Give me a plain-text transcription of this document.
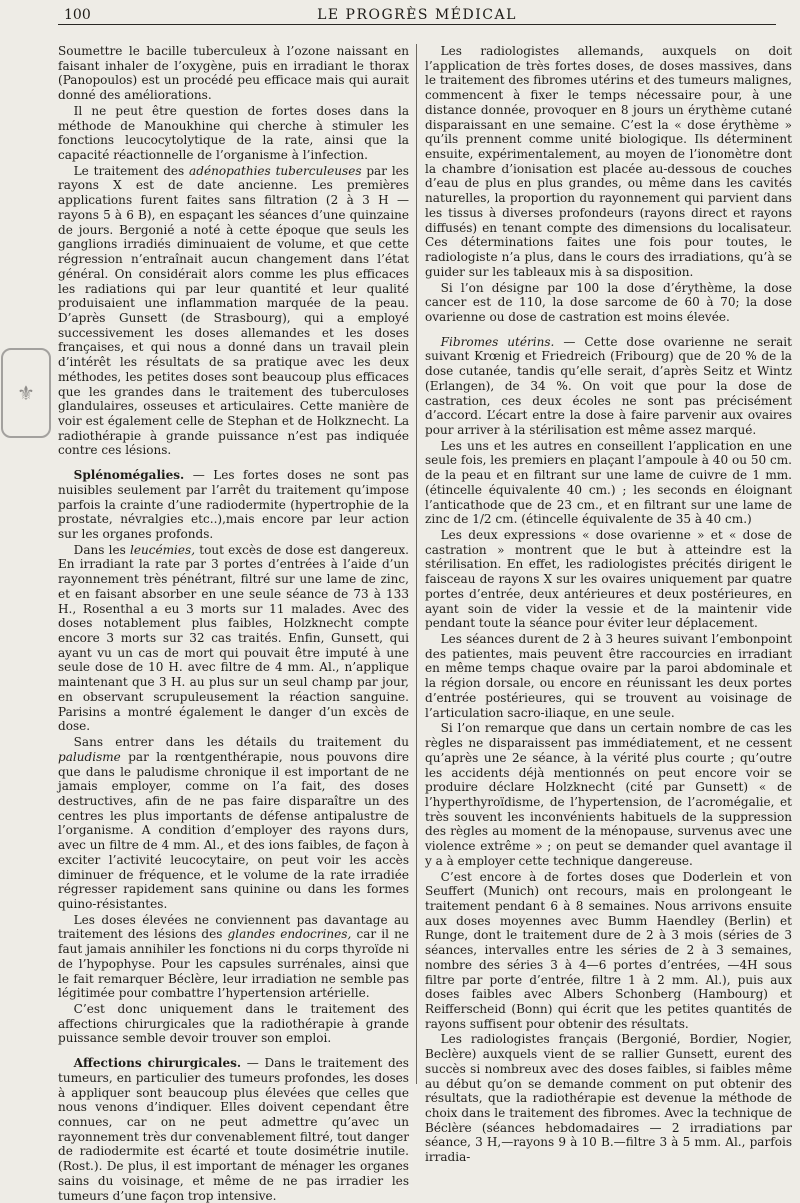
100	LE PROGRÈS MÉDICAL
⚜

Soumettre le bacille tuberculeux à l’ozone naissant en faisant inhaler de l’oxygène, puis en irradiant le thorax (Panopoulos) est un procédé peu efficace mais qui aurait donné des améliorations.

Il ne peut être question de fortes doses dans la méthode de Manoukhine qui cherche à stimuler les fonctions leucocytolytique de la rate, ainsi que la capacité réactionnelle de l’organisme à l’infection.

Le traitement des adénopathies tuberculeuses par les rayons X est de date ancienne. Les premières applications furent faites sans filtration (2 à 3 H — rayons 5 à 6 B), en espaçant les séances d’une quinzaine de jours. Bergonié a noté à cette époque que seuls les ganglions irradiés diminuaient de volume, et que cette régression n’entraînait aucun changement dans l’état général. On considérait alors comme les plus efficaces les radiations qui par leur quantité et leur qualité produisaient une inflammation marquée de la peau. D’après Gunsett (de Strasbourg), qui a employé successivement les doses allemandes et les doses françaises, et qui nous a donné dans un travail plein d’intérêt les résultats de sa pratique avec les deux méthodes, les petites doses sont beaucoup plus efficaces que les grandes dans le traitement des tuberculoses glandulaires, osseuses et articulaires. Cette manière de voir est également celle de Stephan et de Holkznecht. La radiothérapie à grande puissance n’est pas indiquée contre ces lésions.

Splénomégalies. — Les fortes doses ne sont pas nuisibles seulement par l’arrêt du traitement qu’impose parfois la crainte d’une radiodermite (hypertrophie de la prostate, névralgies etc..),mais encore par leur action sur les organes profonds.

Dans les leucémies, tout excès de dose est dangereux. En irradiant la rate par 3 portes d’entrées à l’aide d’un rayonnement très pénétrant, filtré sur une lame de zinc, et en faisant absorber en une seule séance de 73 à 133 H., Rosenthal a eu 3 morts sur 11 malades. Avec des doses notablement plus faibles, Holzknecht compte encore 3 morts sur 32 cas traités. Enfin, Gunsett, qui ayant vu un cas de mort qui pouvait être imputé à une seule dose de 10 H. avec filtre de 4 mm. Al., n’applique maintenant que 3 H. au plus sur un seul champ par jour, en observant scrupuleusement la réaction sanguine. Parisins a montré également le danger d’un excès de dose.

Sans entrer dans les détails du traitement du paludisme par la rœntgenthérapie, nous pouvons dire que dans le paludisme chronique il est important de ne jamais employer, comme on l’a fait, des doses destructives, afin de ne pas faire disparaître un des centres les plus importants de défense antipalustre de l’organisme. A condition d’employer des rayons durs, avec un filtre de 4 mm. Al., et des ions faibles, de façon à exciter l’activité leucocytaire, on peut voir les accès diminuer de fréquence, et le volume de la rate irradiée régresser rapidement sans quinine ou dans les formes quino-résistantes.

Les doses élevées ne conviennent pas davantage au traitement des lésions des glandes endocrines, car il ne faut jamais annihiler les fonctions ni du corps thyroïde ni de l’hypophyse. Pour les capsules surrénales, ainsi que le fait remarquer Béclère, leur irradiation ne semble pas légitimée pour combattre l’hypertension artérielle.

C’est donc uniquement dans le traitement des affections chirurgicales que la radiothérapie à grande puissance semble devoir trouver son emploi.

Affections chirurgicales. — Dans le traitement des tumeurs, en particulier des tumeurs profondes, les doses à appliquer sont beaucoup plus élevées que celles que nous venons d’indiquer. Elles doivent cependant être connues, car on ne peut admettre qu’avec un rayonnement très dur convenablement filtré, tout danger de radiodermite est écarté et toute dosimétrie inutile. (Rost.). De plus, il est important de ménager les organes sains du voisinage, et même de ne pas irradier les tumeurs d’une façon trop intensive.

Les radiologistes allemands, auxquels on doit l’application de très fortes doses, de doses massives, dans le traitement des fibromes utérins et des tumeurs malignes, commencent à fixer le temps nécessaire pour, à une distance donnée, provoquer en 8 jours un érythème cutané disparaissant en une semaine. C’est la « dose érythème » qu’ils prennent comme unité biologique. Ils déterminent ensuite, expérimentalement, au moyen de l’ionomètre dont la chambre d’ionisation est placée au-dessous de couches d’eau de plus en plus grandes, ou même dans les cavités naturelles, la proportion du rayonnement qui parvient dans les tissus à diverses profondeurs (rayons direct et rayons diffusés) en tenant compte des dimensions du localisateur. Ces déterminations faites une fois pour toutes, le radiologiste n’a plus, dans le cours des irradiations, qu’à se guider sur les tableaux mis à sa disposition.

Si l’on désigne par 100 la dose d’érythème, la dose cancer est de 110, la dose sarcome de 60 à 70; la dose ovarienne ou dose de castration est moins élevée.

Fibromes utérins. — Cette dose ovarienne ne serait suivant Krœnig et Friedreich (Fribourg) que de 20 % de la dose cutanée, tandis qu’elle serait, d’après Seitz et Wintz (Erlangen), de 34 %. On voit que pour la dose de castration, ces deux écoles ne sont pas précisément d’accord. L’écart entre la dose à faire parvenir aux ovaires pour arriver à la stérilisation est même assez marqué.

Les uns et les autres en conseillent l’application en une seule fois, les premiers en plaçant l’ampoule à 40 ou 50 cm. de la peau et en filtrant sur une lame de cuivre de 1 mm. (étincelle équivalente 40 cm.) ; les seconds en éloignant l’anticathode que de 23 cm., et en filtrant sur une lame de zinc de 1/2 cm. (étincelle équivalente de 35 à 40 cm.)

Les deux expressions « dose ovarienne » et « dose de castration » montrent que le but à atteindre est la stérilisation. En effet, les radiologistes précités dirigent le faisceau de rayons X sur les ovaires uniquement par quatre portes d’entrée, deux antérieures et deux postérieures, en ayant soin de vider la vessie et de la maintenir vide pendant toute la séance pour éviter leur déplacement.

Les séances durent de 2 à 3 heures suivant l’embonpoint des patientes, mais peuvent être raccourcies en irradiant en même temps chaque ovaire par la paroi abdominale et la région dorsale, ou encore en réunissant les deux portes d’entrée postérieures, qui se trouvent au voisinage de l’articulation sacro-iliaque, en une seule.

Si l’on remarque que dans un certain nombre de cas les règles ne disparaissent pas immédiatement, et ne cessent qu’après une 2e séance, à la vérité plus courte ; qu’outre les accidents déjà mentionnés on peut encore voir se produire déclare Holzknecht (cité par Gunsett) « de l’hyperthyroïdisme, de l’hypertension, de l’acromégalie, et très souvent les inconvénients habituels de la suppression des règles au moment de la ménopause, survenus avec une violence extrême » ; on peut se demander quel avantage il y a à employer cette technique dangereuse.

C’est encore à de fortes doses que Doderlein et von Seuffert (Munich) ont recours, mais en prolongeant le traitement pendant 6 à 8 semaines. Nous arrivons ensuite aux doses moyennes avec Bumm Haendley (Berlin) et Runge, dont le traitement dure de 2 à 3 mois (séries de 3 séances, intervalles entre les séries de 2 à 3 semaines, nombre des séries 3 à 4—6 portes d’entrées, —4H sous filtre par porte d’entrée, filtre 1 à 2 mm. Al.), puis aux doses faibles avec Albers Schonberg (Hambourg) et Reifferscheid (Bonn) qui écrit que les petites quantités de rayons suffisent pour obtenir des résultats.

Les radiologistes français (Bergonié, Bordier, Nogier, Beclère) auxquels vient de se rallier Gunsett, eurent des succès si nombreux avec des doses faibles, si faibles même au début qu’on se demande comment on put obtenir des résultats, que la radiothérapie est devenue la méthode de choix dans le traitement des fibromes. Avec la technique de Béclère (séances hebdomadaires — 2 irradiations par séance, 3 H,—rayons 9 à 10 B.—filtre 3 à 5 mm. Al., parfois irradia-
